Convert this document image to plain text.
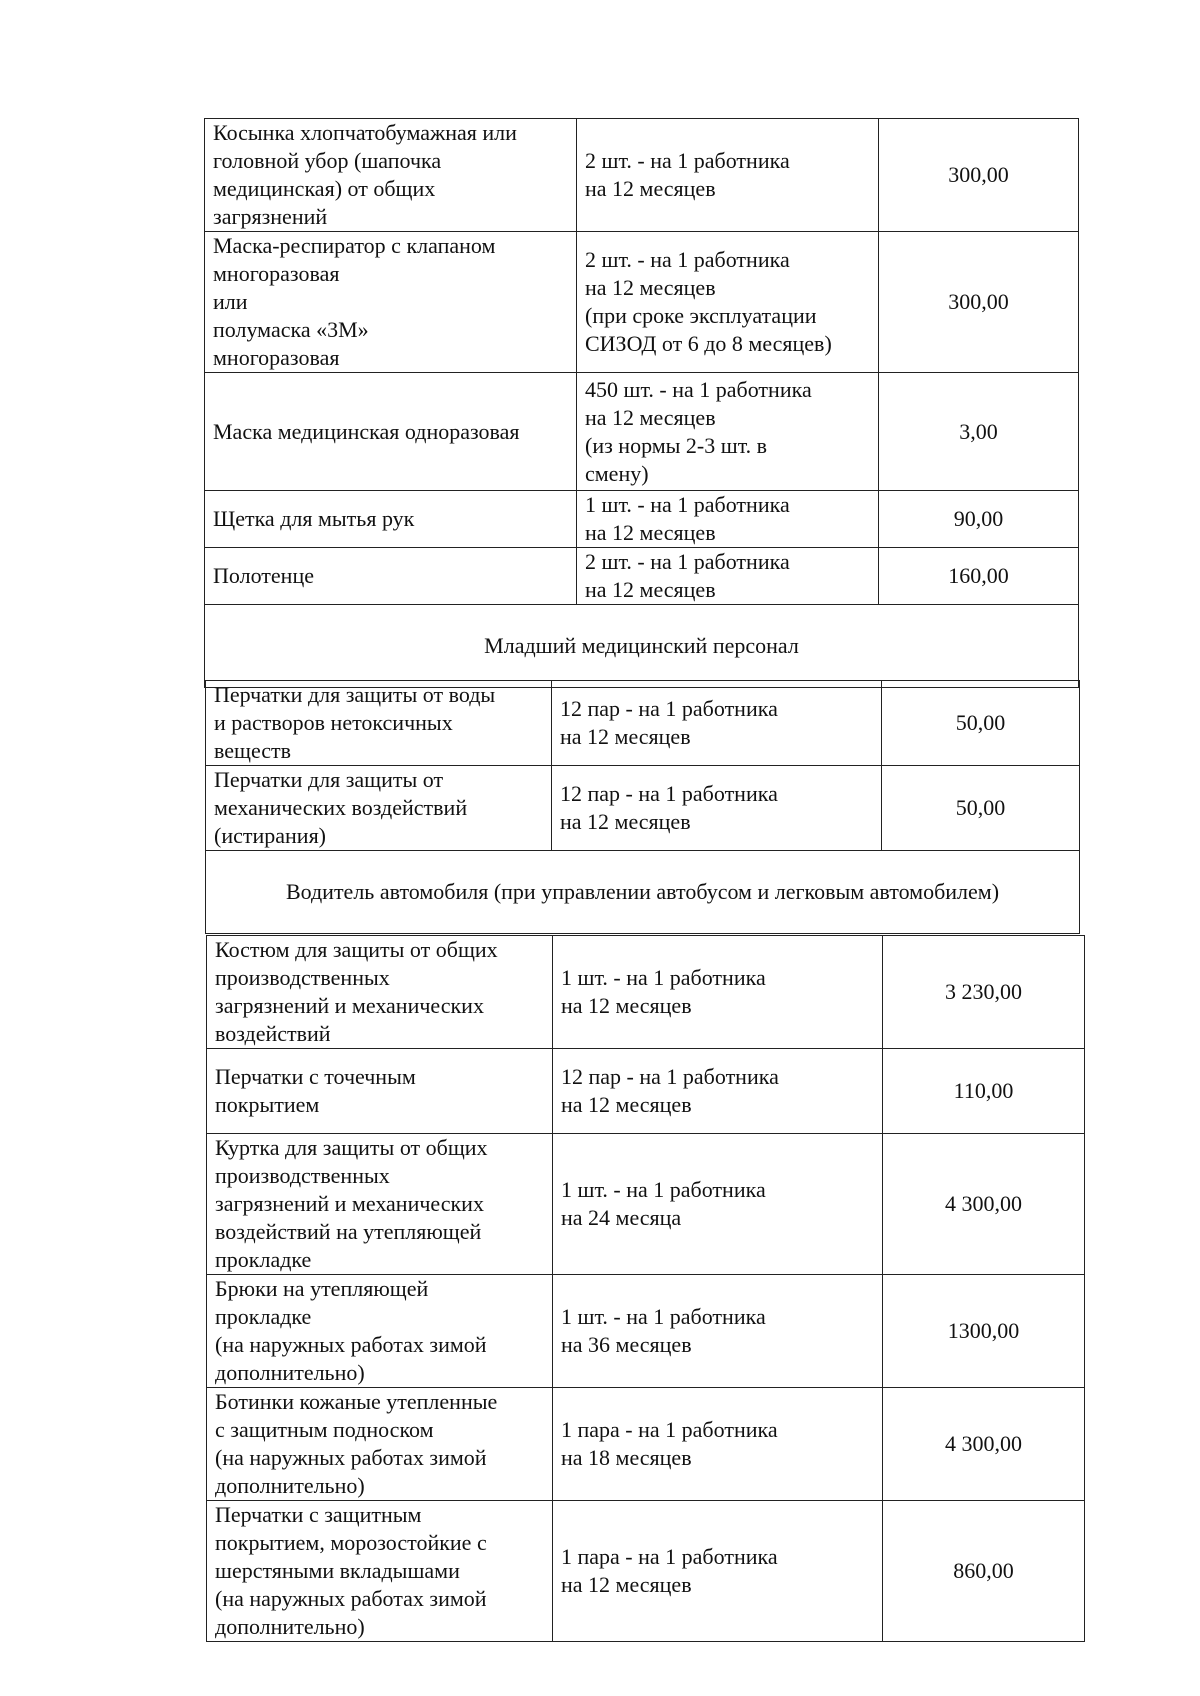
Косынка хлопчатобумажная или
головной убор (шапочка
медицинская) от общих
загрязнений	2 шт. - на 1 работника
на 12 месяцев	300,00
Маска-респиратор с клапаном
многоразовая
или
полумаска «3М»
многоразовая	2 шт. - на 1 работника
на 12 месяцев
(при сроке эксплуатации
СИЗОД от 6 до 8 месяцев)	300,00
Маска медицинская одноразовая	450 шт. - на 1 работника
на 12 месяцев
(из нормы 2-3 шт. в
смену)	3,00
Щетка для мытья рук	1 шт. - на 1 работника
на 12 месяцев	90,00
Полотенце	2 шт. - на 1 работника
на 12 месяцев	160,00
Младший медицинский персонал		
Перчатки для защиты от воды
и растворов нетоксичных
веществ	12 пар - на 1 работника
на 12 месяцев	50,00
Перчатки для защиты от
механических воздействий
(истирания)	12 пар - на 1 работника
на 12 месяцев	50,00
Водитель автомобиля (при управлении автобусом и легковым автомобилем)		
Костюм для защиты от общих
производственных
загрязнений и механических
воздействий	1 шт. - на 1 работника
на 12 месяцев	3 230,00
Перчатки с точечным
покрытием	12 пар - на 1 работника
на 12 месяцев	110,00
Куртка для защиты от общих
производственных
загрязнений и механических
воздействий на утепляющей
прокладке	1 шт. - на 1 работника
на 24 месяца	4 300,00
Брюки на утепляющей
прокладке
(на наружных работах зимой
дополнительно)	1 шт. - на 1 работника
на 36 месяцев	1300,00
Ботинки кожаные утепленные
с защитным подноском
(на наружных работах зимой
дополнительно)	1 пара - на 1 работника
на 18 месяцев	4 300,00
Перчатки с защитным
покрытием, морозостойкие с
шерстяными вкладышами
(на наружных работах зимой
дополнительно)	1 пара - на 1 работника
на 12 месяцев	860,00
